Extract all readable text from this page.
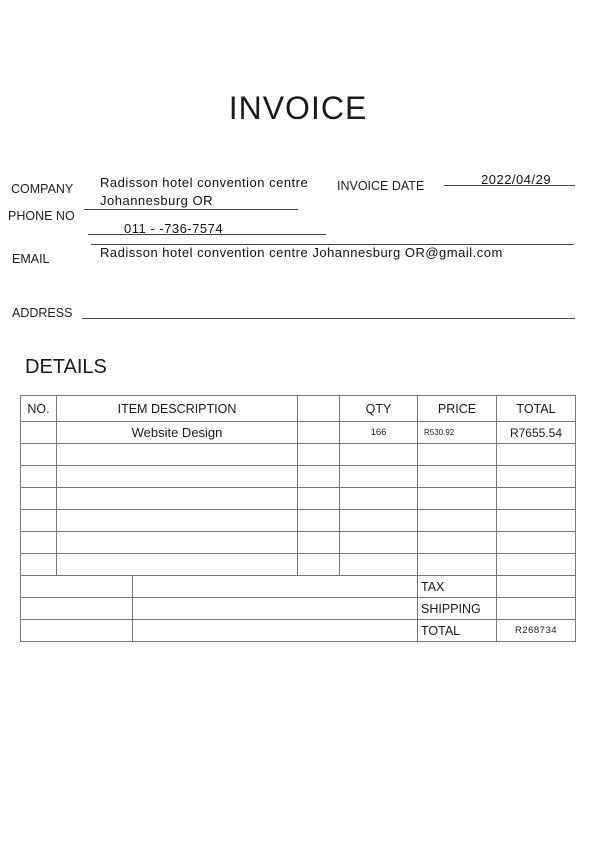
INVOICE
COMPANY Radisson hotel convention centre
Johannesburg OR
INVOICE DATE	2022/04/29
PHONE NO
011 - -736-7574
Radisson hotel convention centre Johannesburg OR@gmail.com
EMAIL
ADDRESS
DETAILS
NO.	ITEM DESCRIPTION		QTY	PRICE	TOTAL
	Website Design		166	R530.92	R7655.54

		TAX	
		SHIPPING	
		TOTAL	R268734
